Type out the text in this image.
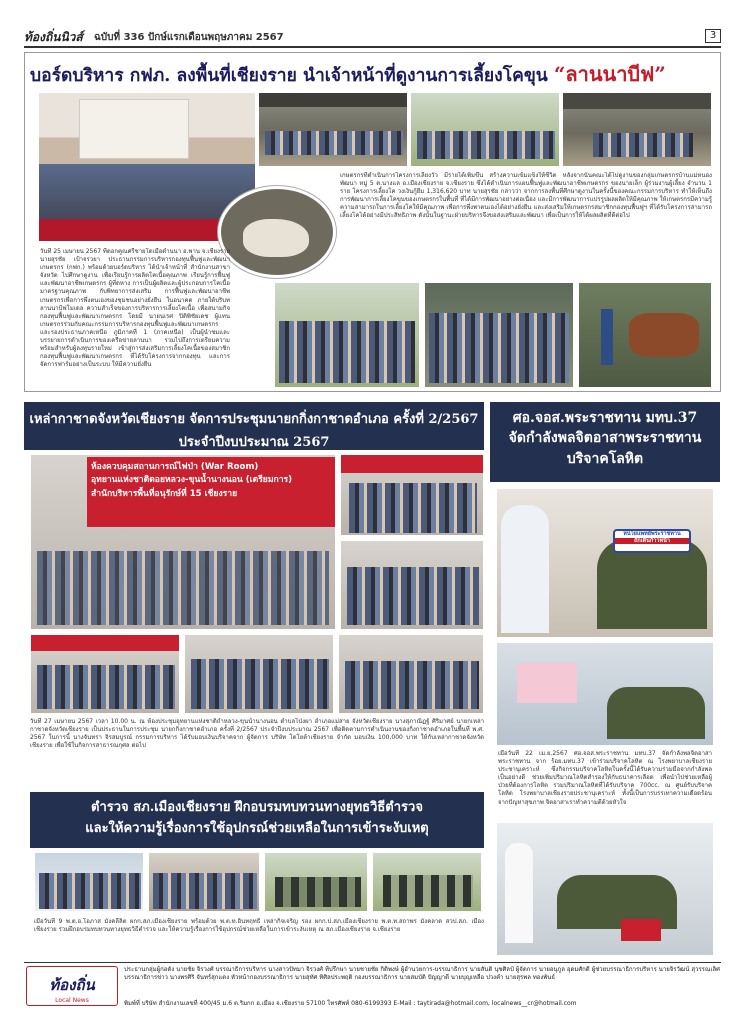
ท้องถิ่นนิวส์	ฉบับที่ 336 ปักษ์แรกเดือนพฤษภาคม 2567	3
บอร์ดบริหาร กฟภ. ลงพื้นที่เชียงราย นำเจ้าหน้าที่ดูงานการเลี้ยงโคขุน “ลานนาบีฟ”
วันที่ 25 เมษายน 2567 ที่ดอกคูณศรีชายโดเมือดำนนา อ.พาน จ.เชียงราย นายสุรชัย เป้าจรวยา ประธานกรรมการบริหารกองทุนฟื้นฟูและพัฒนาเกษตรกร (กฟก.) พร้อมด้วยบอร์ดบริหาร ได้นำเจ้าหน้าที่ สำนักงานสาขาจังหวัด ไปศึกษาดูงาน เพื่อเรียนรู้การผลิตโคเนื้อคุณภาพ เรียนรู้การฟื้นฟูและพัฒนาอาชีพเกษตรกร ผู้ที่ดหาง การเป็นผู้ผลิตและผู้ประกอบการโคเนื้อมาตรฐานคุณภาพ กับพิทยาการส่งเสริม การฟื้นฟูและพัฒนาอาชีพเกษตรกรเพื่อการพึ่งตนเองของชุมชนอย่างยั่งยืน ในอนาคต ภายใต้บริบท ลานนาบีฟโมเดล ความสำเร็จของการบริหารการเลี้ยงโคเนื้อ เพื่อสนามกิจ กองทุนฟื้นฟูและพัฒนาเกษตรกร โดยมี นายนเรศ ปิติพิชัยเดช ผู้แทนเกษตรกรร่วมกับคณะกรรมการบริหารกองทุนฟื้นฟูและพัฒนาเกษตรกร และรองประธานภาคเหนือ ภูมิภาคที่ 1 (ภาคเหนือ) เป็นผู้นำชมและบรรยายการดำเนินการของเครือข่ายลานนา รวมไปถึงการเตรียมความพร้อมสำหรับผู้ลงทุนรายใหม่ เข้าสู่การส่งเสริมการเลี้ยงโคเนื้อของสมาชิกกองทุนฟื้นฟูและพัฒนาเกษตรกร ที่ได้รับโครงการจากกองทุน และการจัดการฟาร์มอย่างเป็นระบบ ให้มีความยั่งยืน
เกษตรกรที่ดำเนินการโครงการเลี้ยงวัว มีรายได้เพิ่มขึ้น สร้างความเข้มแข็งให้ชีวิต หลังจากนั้นคณะได้ไปดูงานของกลุ่มเกษตรกรบ้านแม่หนองพัฒนา หมู่ 5 ต.นางแล อ.เมืองเชียงราย จ.เชียงราย ซึ่งได้ดำเนินการแผนฟื้นฟูและพัฒนาอาชีพเกษตรกร ของนายเล็ก ผู้ร่วมงานผู้เลี้ยง จำนวน 1 ราย โครงการเลี้ยงโค วงเงินกู้ยืม 1,316,620 บาท นายสุรชัย กล่าวว่า จากการลงพื้นที่ศึกษาดูงานในครั้งนี้ของคณะกรรมการบริหาร ทำให้เห็นถึงการพัฒนาการเลี้ยงโคขุนของเกษตรกรในพื้นที่ ที่ได้มีการพัฒนาอย่างต่อเนื่อง และมีการพัฒนาการแปรรูปผลผลิตให้มีคุณภาพ ให้เกษตรกรมีความรู้ความสามารถในการเลี้ยงโคให้มีคุณภาพ เพื่อการพึ่งพาตนเองได้อย่างยั่งยืน และส่งเสริมให้เกษตรกรสมาชิกกองทุนฟื้นฟูฯ ที่ได้รับโครงการสามารถเลี้ยงโคได้อย่างมีประสิทธิภาพ ดังนั้นในฐานะฝ่ายบริหารจึงขอส่งเสริมและพัฒนา เพื่อเป็นการให้ได้ผลผลิตที่ดีต่อไป
เหล่ากาชาดจังหวัดเชียงราย จัดการประชุมนายกกิ่งกาชาดอำเภอ ครั้งที่ 2/2567
ประจำปีงบประมาณ 2567
ห้องควบคุมสถานการณ์ไฟป่า (War Room)
อุทยานแห่งชาติดอยหลวง-ขุนน้ำนางนอน (เตรียมการ)
สำนักบริหารพื้นที่อนุรักษ์ที่ 15 เชียงราย
วันที่ 27 เมษายน 2567 เวลา 10.00 น. ณ ห้องประชุมอุทยานแห่งชาติถ้ำหลวง-ขุนน้ำนางนอน ตำบลโป่งผา อำเภอแม่สาย จังหวัดเชียงราย นางสุภาณิฏฐ์ ศิริมาศย์ นายกเหล่ากาชาดจังหวัดเชียงราย เป็นประธานในการประชุม นายกกิ่งกาชาดอำเภอ ครั้งที่ 2/2567 ประจำปีงบประมาณ 2567 เพื่อติดตามการดำเนินงานของกิ่งกาชาดอำเภอในพื้นที่ พ.ศ. 2567 ในการนี้ นางจันทรา จิรสมบูรณ์ กรรมการบริหาร ได้รับมอบเงินบริจาคจาก ผู้จัดการ บริษัท โตโยต้าเชียงราย จำกัด มอบเงิน 100,000 บาท ให้กับเหล่ากาชาดจังหวัดเชียงราย เพื่อใช้ในกิจการสาธารณกุศล ต่อไป
ศอ.จอส.พระราชทาน มทบ.37
จัดกำลังพลจิตอาสาพระราชทาน
บริจาคโลหิต
หน่วยแพทย์พระราชทาน
ถักเดินก้าวหน้า
เมื่อวันที่ 22 เม.ย.2567 ศอ.จอส.พระราชทาน มทบ.37 จัดกำลังพลจิตอาสาพระราชทาน จาก ร้อย.มทบ.37 เข้าร่วมบริจาคโลหิต ณ โรงพยาบาลเชียงรายประชานุเคราะห์ ซึ่งกิจกรรมบริจาคโลหิตในครั้งนี้ได้รับความร่วมมือจากกำลังพลเป็นอย่างดี ช่วยเพิ่มปริมาณโลหิตสำรองให้กับธนาคารเลือด เพื่อนำไปช่วยเหลือผู้ป่วยที่ต้องการโลหิต รวมปริมาณโลหิตที่ได้รับบริจาค 700cc. ณ ศูนย์รับบริจาคโลหิต โรงพยาบาลเชียงรายประชานุเคราะห์ ทั้งนี้เป็นการบรรเทาความเดือดร้อนจากปัญหาสุขภาพ จิตอาสาเราทำความดีด้วยหัวใจ
ตำรวจ สภ.เมืองเชียงราย ฝึกอบรมทบทวนทางยุทธวิธีตำรวจ
และให้ความรู้เรื่องการใช้อุปกรณ์ช่วยเหลือในการเข้าระงับเหตุ
เมื่อวันที่ 9 พ.ต.อ.โอภาส มังคลีลิต ผกก.สภ.เมืองเชียงราย พร้อมด้วย พ.ต.ท.อินทฤทธิ์ เหล่ากิจเจริญ รอง ผกก.ป.สภ.เมืองเชียงราย พ.ต.ท.สถาพร มังคลาด สวป.สภ. เมืองเชียงราย ร่วมฝึกอบรมทบทวนทางยุทธวิธีตำรวจ และให้ความรู้เรื่องการใช้อุปกรณ์ช่วยเหลือในการเข้าระงับเหตุ ณ สภ.เมืองเชียงราย จ.เชียงราย
ท้องถิ่น
Local News
ประธานกลุ่มผู้ก่อตั้ง นายชัย จิรวงศ์ บรรณาธิการบริหาร นางสาวปัทมา จิรวงศ์ ที่ปรึกษา นายชายชัย กิติพงษ์ ผู้อำนวยการ-บรรณาธิการ นายสันติ นุชศิลป์ ผู้จัดการ นายอนุกูล อุดมศักดิ์ ผู้ช่วยบรรณาธิการบริหาร นายจิรวัฒน์ สุวรรณเลิศ บรรณาธิการข่าว นางพรศิริ จันทร์สุกแดง หัวหน้ากองบรรณาธิการ นายสุทัศ ทิศิลประพฤติ กองบรรณาธิการ นายสมบัติ ปัญญาดี นายบุญเหลือ ปวงคำ นายสุรพล ทองพันธ์
พิมพ์ที่ บริษัท สำนักงานเลขที่ 400/45 ม.6 ต.ริมกก อ.เมือง จ.เชียงราย 57100 โทรศัพท์ 080-6199393 E-Mail : taytirada@hotmail.com, localnews__cr@hotmail.com
